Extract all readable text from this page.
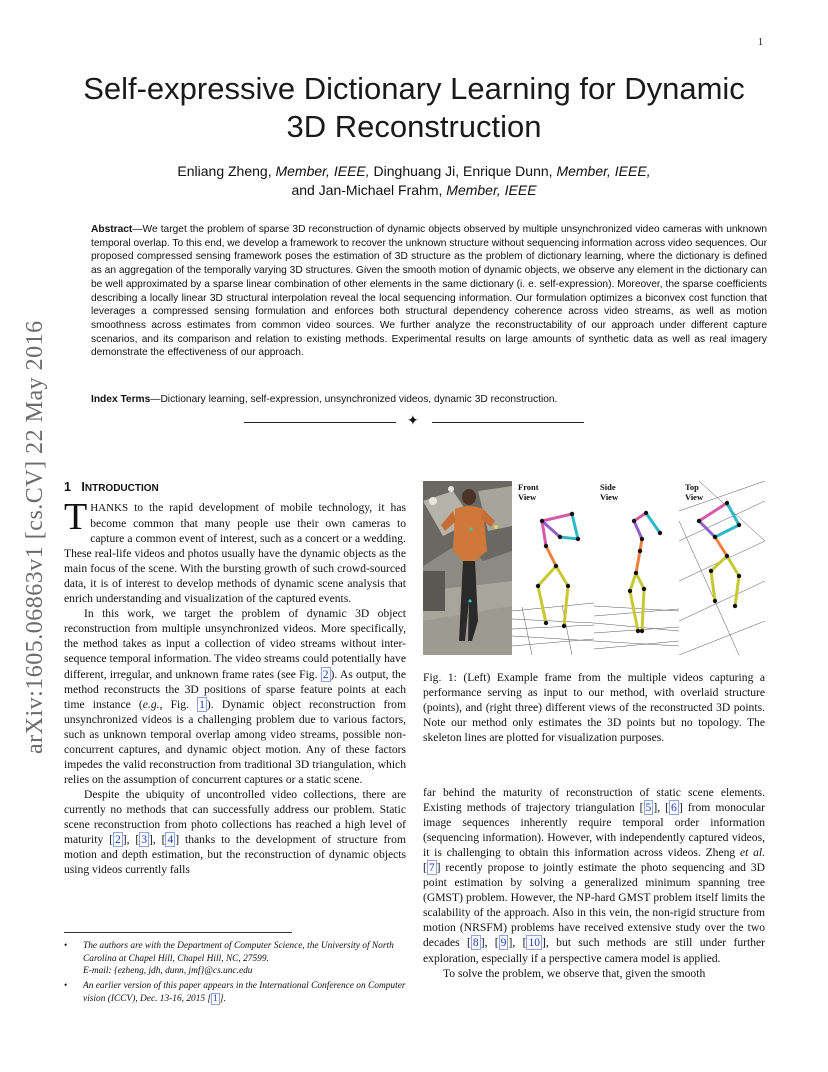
1
arXiv:1605.06863v1 [cs.CV] 22 May 2016
Self-expressive Dictionary Learning for Dynamic
3D Reconstruction
Enliang Zheng, Member, IEEE, Dinghuang Ji, Enrique Dunn, Member, IEEE,
and Jan-Michael Frahm, Member, IEEE
Abstract—We target the problem of sparse 3D reconstruction of dynamic objects observed by multiple unsynchronized video cameras with unknown temporal overlap. To this end, we develop a framework to recover the unknown structure without sequencing information across video sequences. Our proposed compressed sensing framework poses the estimation of 3D structure as the problem of dictionary learning, where the dictionary is defined as an aggregation of the temporally varying 3D structures. Given the smooth motion of dynamic objects, we observe any element in the dictionary can be well approximated by a sparse linear combination of other elements in the same dictionary (i. e. self-expression). Moreover, the sparse coefficients describing a locally linear 3D structural interpolation reveal the local sequencing information. Our formulation optimizes a biconvex cost function that leverages a compressed sensing formulation and enforces both structural dependency coherence across video streams, as well as motion smoothness across estimates from common video sources. We further analyze the reconstructability of our approach under different capture scenarios, and its comparison and relation to existing methods. Experimental results on large amounts of synthetic data as well as real imagery demonstrate the effectiveness of our approach.
Index Terms—Dictionary learning, self-expression, unsynchronized videos, dynamic 3D reconstruction.
✦
1 INTRODUCTION

THANKS to the rapid development of mobile technology, it has become common that many people use their own cameras to capture a common event of interest, such as a concert or a wedding. These real-life videos and photos usually have the dynamic objects as the main focus of the scene. With the bursting growth of such crowd-sourced data, it is of interest to develop methods of dynamic scene analysis that enrich understanding and visualization of the captured events.

In this work, we target the problem of dynamic 3D object reconstruction from multiple unsynchronized videos. More specifically, the method takes as input a collection of video streams without inter-sequence temporal information. The video streams could potentially have different, irregular, and unknown frame rates (see Fig. 2 ). As output, the method reconstructs the 3D positions of sparse feature points at each time instance (e.g., Fig. 1 ). Dynamic object reconstruction from unsynchronized videos is a challenging problem due to various factors, such as unknown temporal overlap among video streams, possible non-concurrent captures, and dynamic object motion. Any of these factors impedes the valid reconstruction from traditional 3D triangulation, which relies on the assumption of concurrent captures or a static scene.

Despite the ubiquity of uncontrolled video collections, there are currently no methods that can successfully address our problem. Static scene reconstruction from photo collections has reached a high level of maturity [ 2 ], [ 3 ], [ 4 ] thanks to the development of structure from motion and depth estimation, but the reconstruction of dynamic objects using videos currently falls

• The authors are with the Department of Computer Science, the University of North Carolina at Chapel Hill, Chapel Hill, NC, 27599.
E-mail: {ezheng, jdh, dunn, jmf}@cs.unc.edu
• An earlier version of this paper appears in the International Conference on Computer vision (ICCV), Dec. 13-16, 2015 [ 1 ].
Front
View
Side
View
Top
View
Fig. 1: (Left) Example frame from the multiple videos capturing a performance serving as input to our method, with overlaid structure (points), and (right three) different views of the reconstructed 3D points. Note our method only estimates the 3D points but no topology. The skeleton lines are plotted for visualization purposes.

far behind the maturity of reconstruction of static scene elements. Existing methods of trajectory triangulation [ 5 ], [ 6 ] from monocular image sequences inherently require temporal order information (sequencing information). However, with independently captured videos, it is challenging to obtain this information across videos. Zheng et al. [ 7 ] recently propose to jointly estimate the photo sequencing and 3D point estimation by solving a generalized minimum spanning tree (GMST) problem. However, the NP-hard GMST problem itself limits the scalability of the approach. Also in this vein, the non-rigid structure from motion (NRSFM) problems have received extensive study over the two decades [ 8 ], [ 9 ], [ 10 ], but such methods are still under further exploration, especially if a perspective camera model is applied.

To solve the problem, we observe that, given the smooth
